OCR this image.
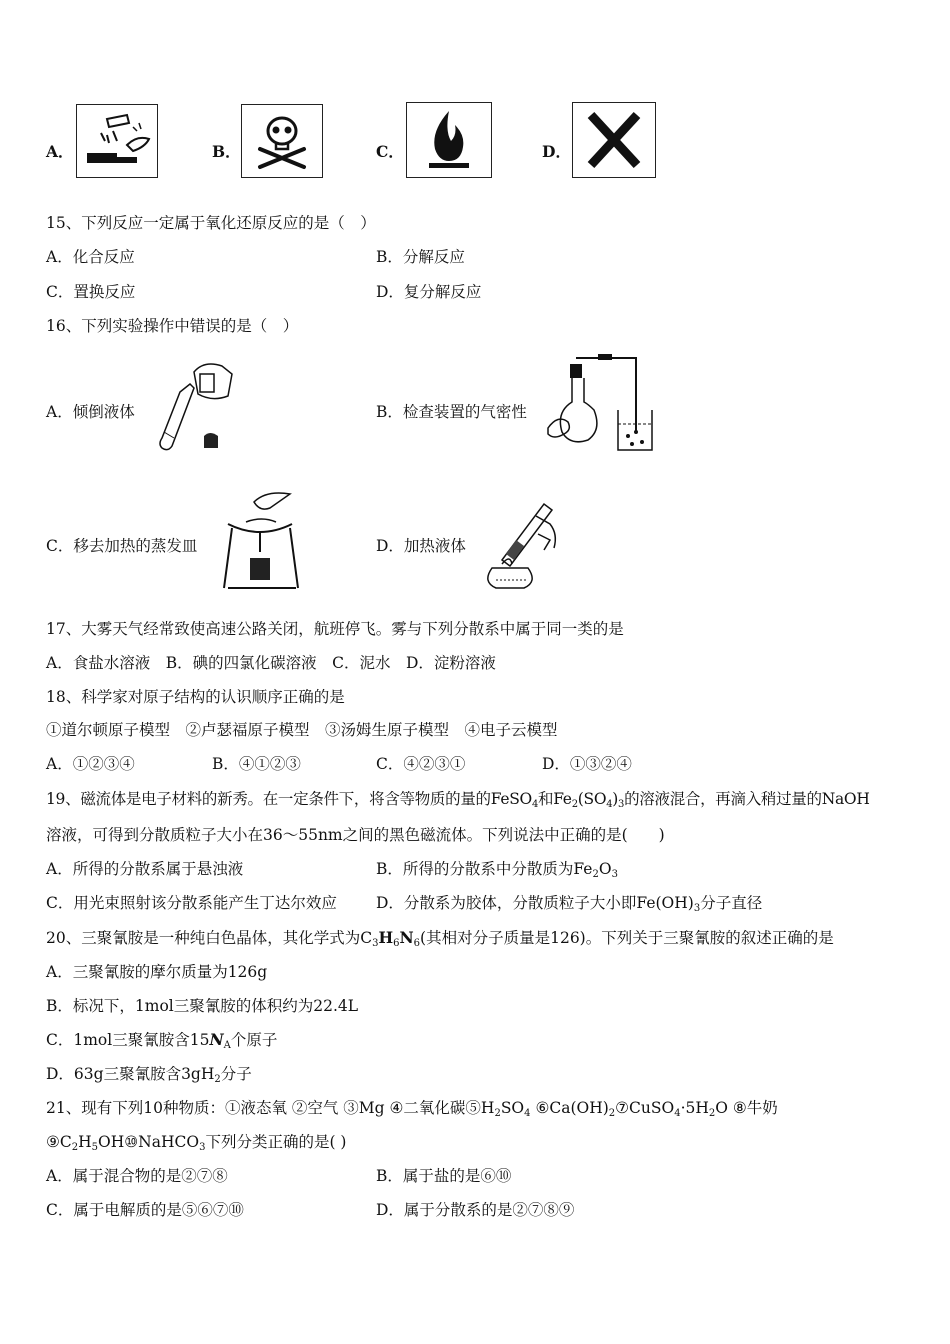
A．	B．	C．	D．
15、下列反应一定属于氧化还原反应的是（　）
A．化合反应	B．分解反应
C．置换反应	D．复分解反应
16、下列实验操作中错误的是（　）
A．倾倒液体	B．检查装置的气密性
C．移去加热的蒸发皿	D．加热液体
17、大雾天气经常致使高速公路关闭，航班停飞。雾与下列分散系中属于同一类的是
A．食盐水溶液　B．碘的四氯化碳溶液　C．泥水　D．淀粉溶液
18、科学家对原子结构的认识顺序正确的是
①道尔顿原子模型　②卢瑟福原子模型　③汤姆生原子模型　④电子云模型
A．①②③④	B．④①②③	C．④②③①	D．①③②④
19、磁流体是电子材料的新秀。在一定条件下，将含等物质的量的FeSO$_4$和$Fe_2(SO_4)_3$的溶液混合，再滴入稍过量的NaOH
溶液，可得到分散质粒子大小在36～55nm之间的黑色磁流体。下列说法中正确的是(　　)
A．所得的分散系属于悬浊液	B．所得的分散系中分散质为$Fe_2O_3$
C．用光束照射该分散系能产生丁达尔效应	D．分散系为胶体，分散质粒子大小即$Fe(OH)_3$分子直径
20、三聚氰胺是一种纯白色晶体，其化学式为$C_3H_6N_6$(其相对分子质量是126)。下列关于三聚氰胺的叙述正确的是
A．三聚氰胺的摩尔质量为126g
B．标况下，1mol三聚氰胺的体积约为22.4L
C．1mol三聚氰胺含$15N_A$个原子
D．63g三聚氰胺含$3gH_2$分子
21、现有下列10种物质：①液态氧 ②空气 ③Mg ④二氧化碳$⑤H_2SO_4$ $⑥Ca(OH)_2⑦CuSO_4\cdot 5H_2O$ ⑧牛奶
$⑨C_2H_5OH⑩NaHCO_3$下列分类正确的是( )
A．属于混合物的是②⑦⑧	B．属于盐的是⑥⑩
C．属于电解质的是⑤⑥⑦⑩	D．属于分散系的是②⑦⑧⑨
